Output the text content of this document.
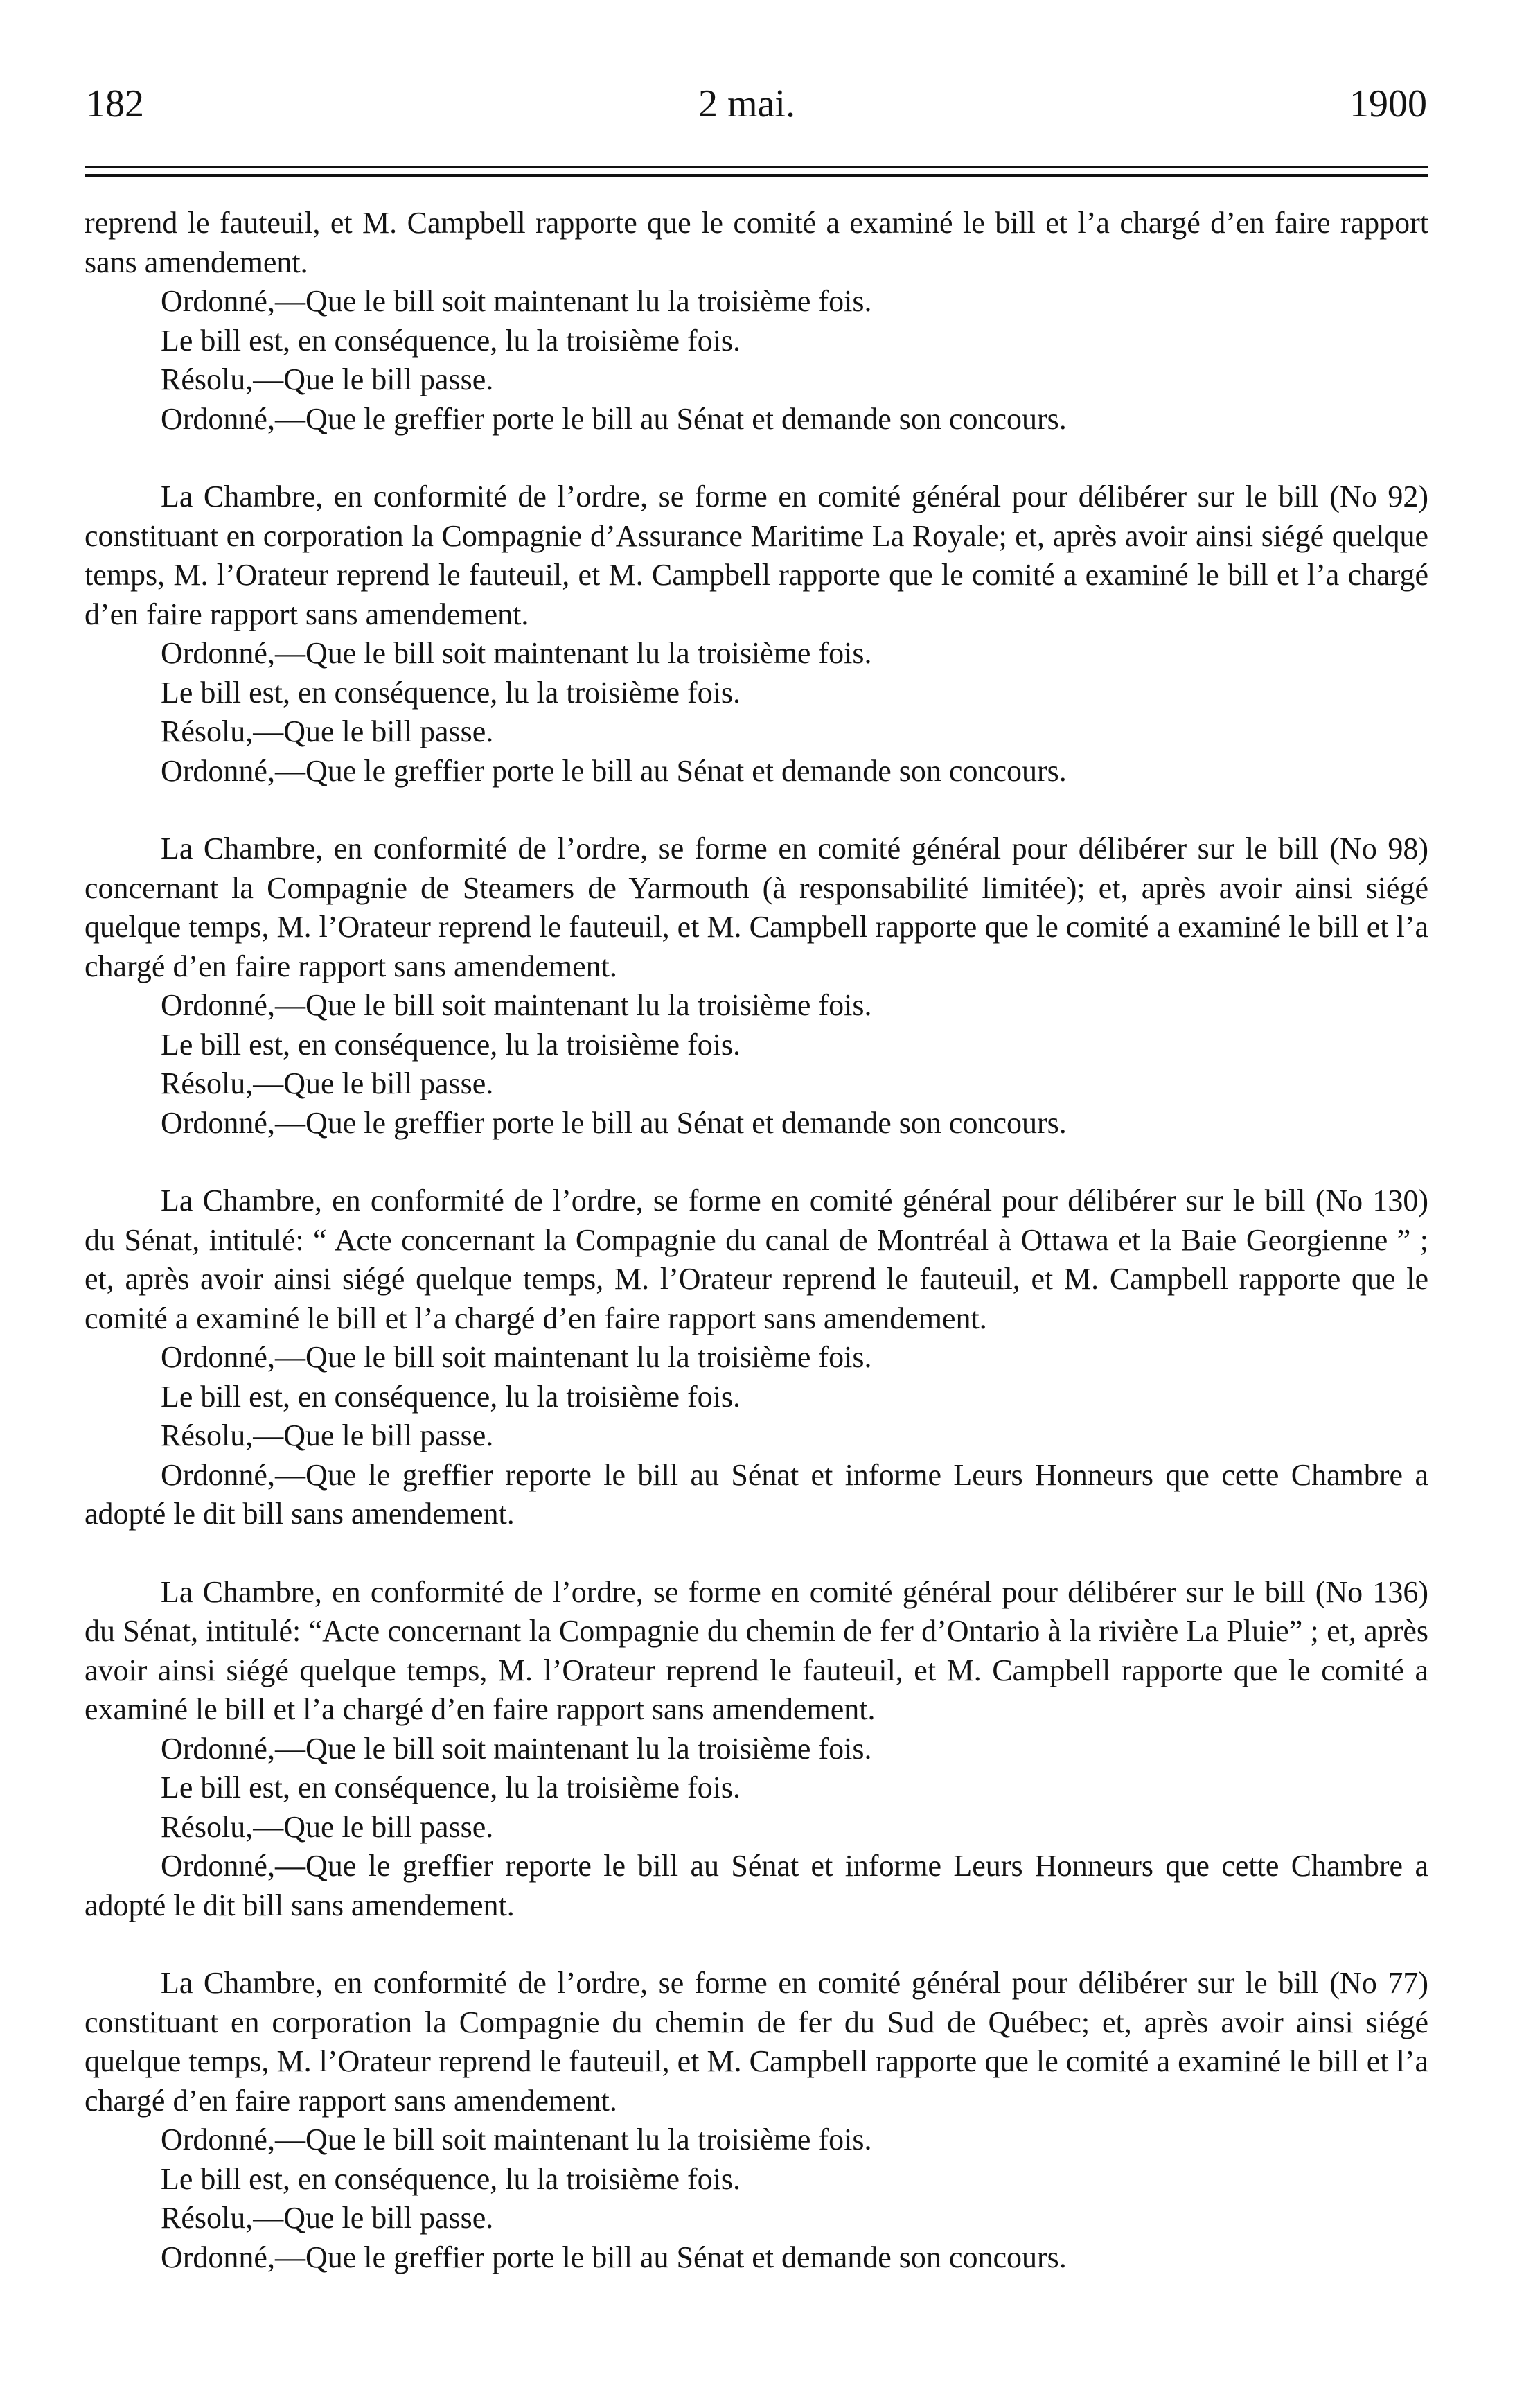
182	2 mai.	1900
reprend le fauteuil, et M. Campbell rapporte que le comité a examiné le bill et l’a chargé d’en faire rapport sans amendement.
Ordonné,—Que le bill soit maintenant lu la troisième fois.
Le bill est, en conséquence, lu la troisième fois.
Résolu,—Que le bill passe.
Ordonné,—Que le greffier porte le bill au Sénat et demande son concours.
La Chambre, en conformité de l’ordre, se forme en comité général pour délibérer sur le bill (No 92) constituant en corporation la Compagnie d’Assurance Maritime La Royale; et, après avoir ainsi siégé quelque temps, M. l’Orateur reprend le fauteuil, et M. Campbell rapporte que le comité a examiné le bill et l’a chargé d’en faire rapport sans amendement.
Ordonné,—Que le bill soit maintenant lu la troisième fois.
Le bill est, en conséquence, lu la troisième fois.
Résolu,—Que le bill passe.
Ordonné,—Que le greffier porte le bill au Sénat et demande son concours.
La Chambre, en conformité de l’ordre, se forme en comité général pour délibérer sur le bill (No 98) concernant la Compagnie de Steamers de Yarmouth (à responsabilité limitée); et, après avoir ainsi siégé quelque temps, M. l’Orateur reprend le fauteuil, et M. Campbell rapporte que le comité a examiné le bill et l’a chargé d’en faire rapport sans amendement.
Ordonné,—Que le bill soit maintenant lu la troisième fois.
Le bill est, en conséquence, lu la troisième fois.
Résolu,—Que le bill passe.
Ordonné,—Que le greffier porte le bill au Sénat et demande son concours.
La Chambre, en conformité de l’ordre, se forme en comité général pour délibérer sur le bill (No 130) du Sénat, intitulé: “ Acte concernant la Compagnie du canal de Montréal à Ottawa et la Baie Georgienne ” ; et, après avoir ainsi siégé quelque temps, M. l’Orateur reprend le fauteuil, et M. Campbell rapporte que le comité a examiné le bill et l’a chargé d’en faire rapport sans amendement.
Ordonné,—Que le bill soit maintenant lu la troisième fois.
Le bill est, en conséquence, lu la troisième fois.
Résolu,—Que le bill passe.
Ordonné,—Que le greffier reporte le bill au Sénat et informe Leurs Honneurs que cette Chambre a adopté le dit bill sans amendement.
La Chambre, en conformité de l’ordre, se forme en comité général pour délibérer sur le bill (No 136) du Sénat, intitulé: “Acte concernant la Compagnie du chemin de fer d’Ontario à la rivière La Pluie” ; et, après avoir ainsi siégé quelque temps, M. l’Orateur reprend le fauteuil, et M. Campbell rapporte que le comité a examiné le bill et l’a chargé d’en faire rapport sans amendement.
Ordonné,—Que le bill soit maintenant lu la troisième fois.
Le bill est, en conséquence, lu la troisième fois.
Résolu,—Que le bill passe.
Ordonné,—Que le greffier reporte le bill au Sénat et informe Leurs Honneurs que cette Chambre a adopté le dit bill sans amendement.
La Chambre, en conformité de l’ordre, se forme en comité général pour délibérer sur le bill (No 77) constituant en corporation la Compagnie du chemin de fer du Sud de Québec; et, après avoir ainsi siégé quelque temps, M. l’Orateur reprend le fauteuil, et M. Campbell rapporte que le comité a examiné le bill et l’a chargé d’en faire rapport sans amendement.
Ordonné,—Que le bill soit maintenant lu la troisième fois.
Le bill est, en conséquence, lu la troisième fois.
Résolu,—Que le bill passe.
Ordonné,—Que le greffier porte le bill au Sénat et demande son concours.
